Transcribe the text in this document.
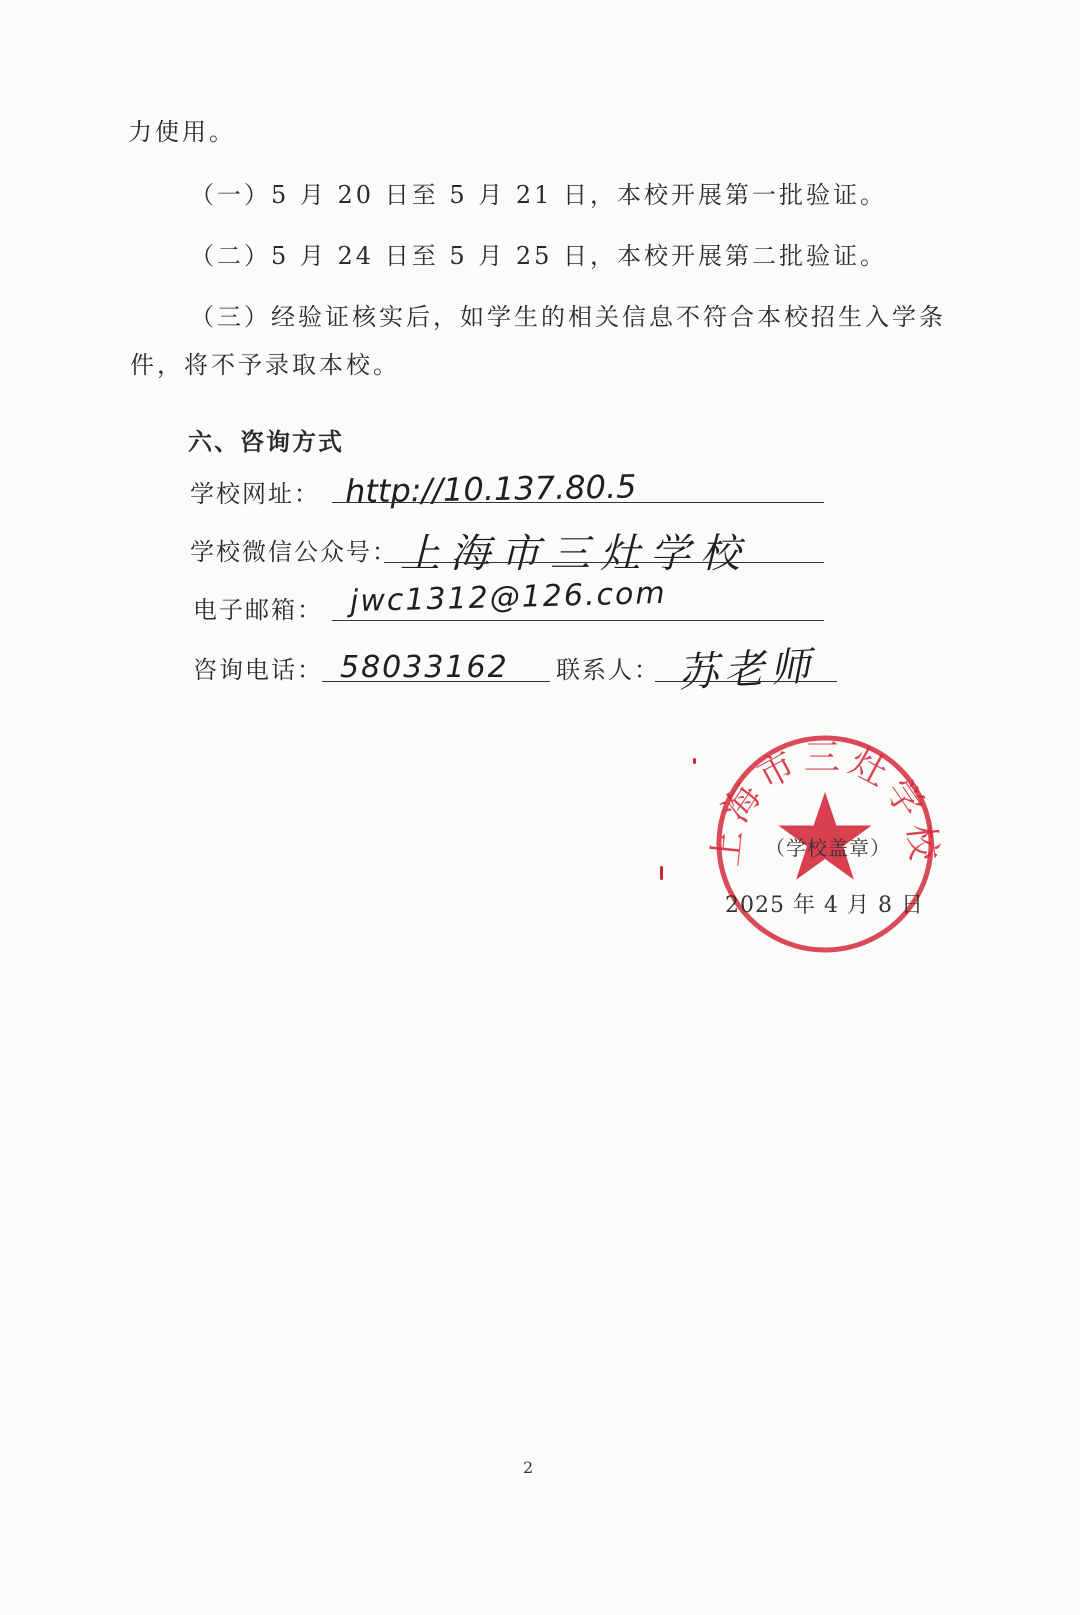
力使用。
（一）5 月 20 日至 5 月 21 日，本校开展第一批验证。
（二）5 月 24 日至 5 月 25 日，本校开展第二批验证。
（三）经验证核实后，如学生的相关信息不符合本校招生入学条
件，将不予录取本校。
六、咨询方式
学校网址： http://10.137.80.5
学校微信公众号： 上海市三灶学校
电子邮箱： jwc1312@126.com
咨询电话： 58033162 联系人： 苏老师
上海市三灶学校
（学校盖章）
2025 年 4 月 8 日
2
